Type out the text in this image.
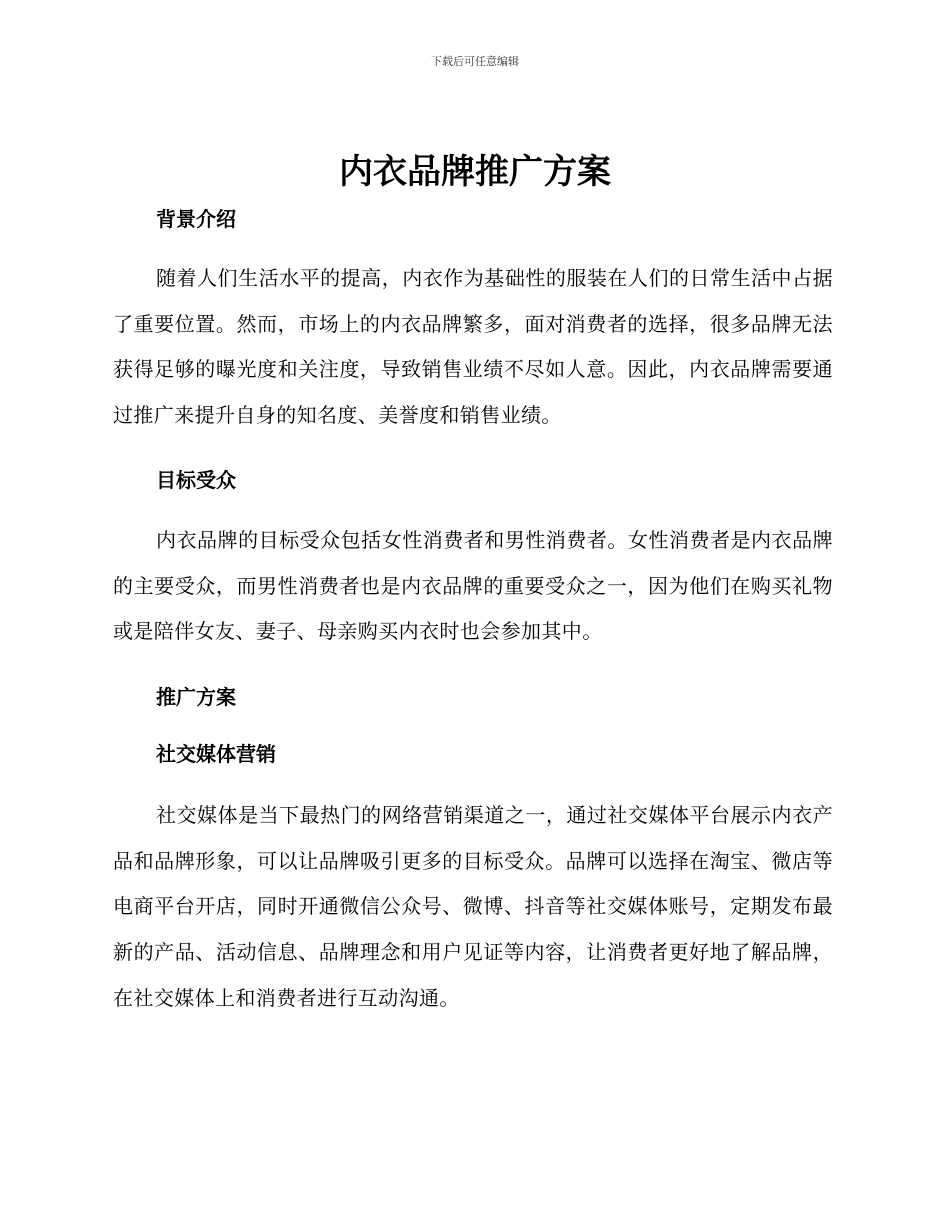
下载后可任意编辑
内衣品牌推广方案
背景介绍

随着人们生活水平的提高，内衣作为基础性的服装在人们的日常生活中占据了重要位置。然而，市场上的内衣品牌繁多，面对消费者的选择，很多品牌无法获得足够的曝光度和关注度，导致销售业绩不尽如人意。因此，内衣品牌需要通过推广来提升自身的知名度、美誉度和销售业绩。

目标受众

内衣品牌的目标受众包括女性消费者和男性消费者。女性消费者是内衣品牌的主要受众，而男性消费者也是内衣品牌的重要受众之一，因为他们在购买礼物或是陪伴女友、妻子、母亲购买内衣时也会参加其中。

推广方案
社交媒体营销

社交媒体是当下最热门的网络营销渠道之一，通过社交媒体平台展示内衣产品和品牌形象，可以让品牌吸引更多的目标受众。品牌可以选择在淘宝、微店等电商平台开店，同时开通微信公众号、微博、抖音等社交媒体账号，定期发布最新的产品、活动信息、品牌理念和用户见证等内容，让消费者更好地了解品牌，在社交媒体上和消费者进行互动沟通。
